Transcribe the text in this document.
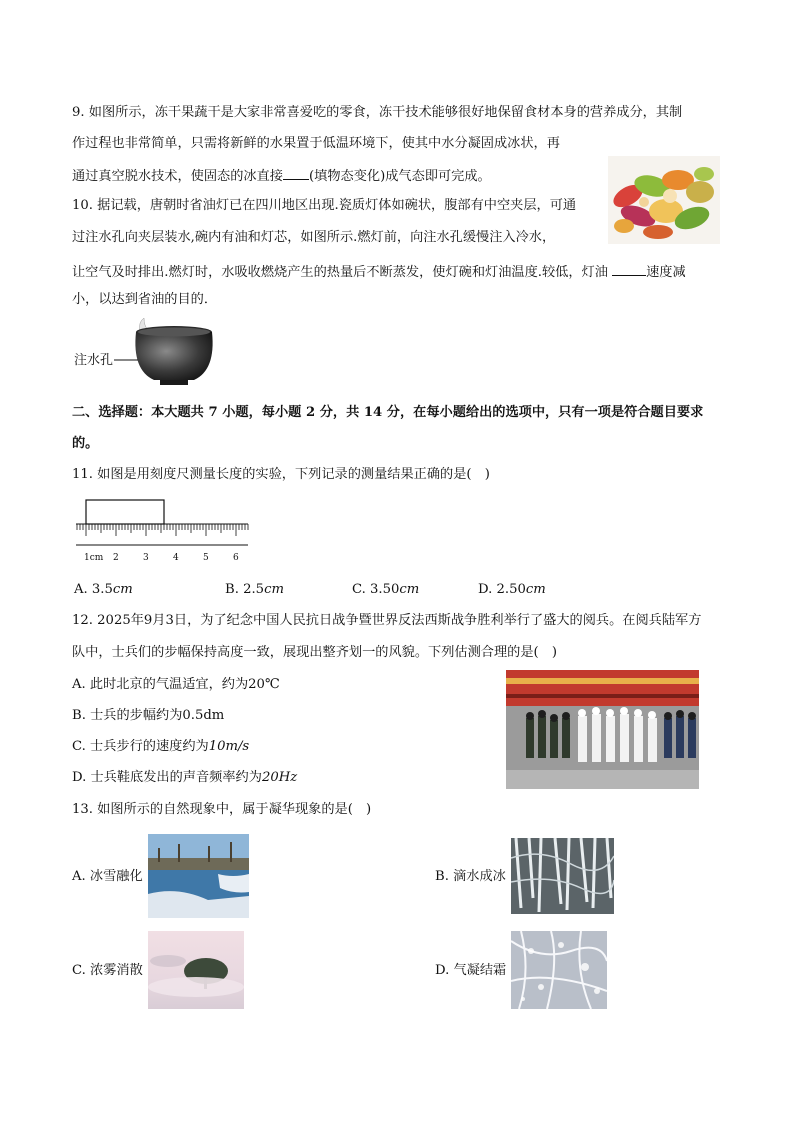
9. 如图所示，冻干果蔬干是大家非常喜爱吃的零食，冻干技术能够很好地保留食材本身的营养成分，其制
作过程也非常简单，只需将新鲜的水果置于低温环境下，使其中水分凝固成冰状，再
通过真空脱水技术，使固态的冰直接 (填物态变化)成气态即可完成。
10. 据记载，唐朝时省油灯已在四川地区出现.瓷质灯体如碗状，腹部有中空夹层，可通
过注水孔向夹层装水,碗内有油和灯芯，如图所示.燃灯前，向注水孔缓慢注入冷水，
让空气及时排出.燃灯时，水吸收燃烧产生的热量后不断蒸发，使灯碗和灯油温度.较低，灯油	速度减
小，以达到省油的目的．
注水孔
二、选择题：本大题共 7 小题，每小题 2 分，共 14 分，在每小题给出的选项中，只有一项是符合题目要求
的。
11. 如图是用刻度尺测量长度的实验，下列记录的测量结果正确的是(　)
1cm 2	3	4	5	6
A. 3.5cm	B. 2.5cm	C. 3.50cm	D. 2.50cm
12. 2025年9月3日，为了纪念中国人民抗日战争暨世界反法西斯战争胜利举行了盛大的阅兵。在阅兵陆军方
队中，士兵们的步幅保持高度一致，展现出整齐划一的风貌。下列估测合理的是(　)
A. 此时北京的气温适宜，约为20℃
B. 士兵的步幅约为0.5dm
C. 士兵步行的速度约为10m/s
D. 士兵鞋底发出的声音频率约为20Hz
13. 如图所示的自然现象中，属于凝华现象的是(　)
A. 冰雪融化	B. 滴水成冰
C. 浓雾消散	D. 气凝结霜
